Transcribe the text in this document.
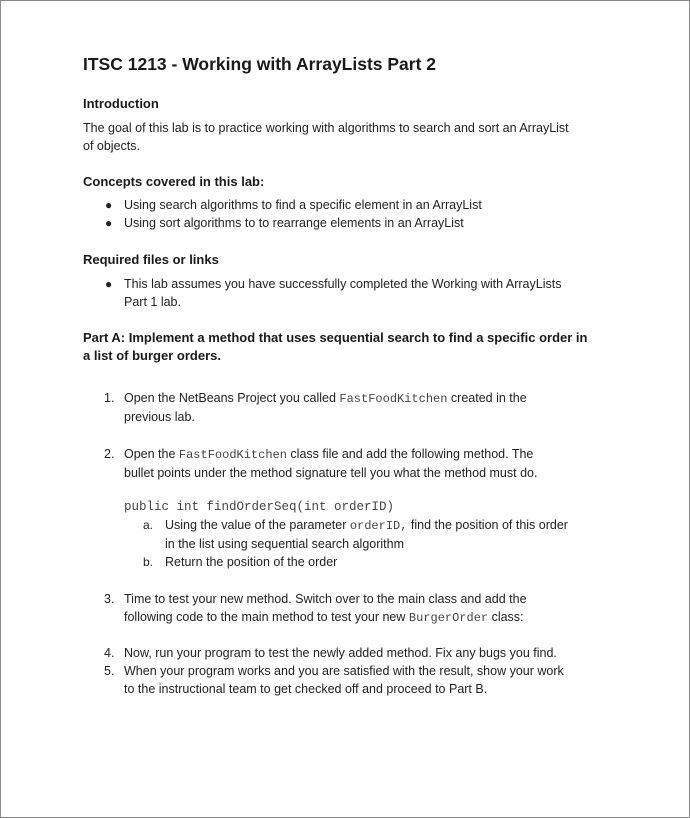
ITSC 1213 - Working with ArrayLists Part 2
Introduction

The goal of this lab is to practice working with algorithms to search and sort an ArrayList
of objects.

Concepts covered in this lab:
● Using search algorithms to find a specific element in an ArrayList
● Using sort algorithms to to rearrange elements in an ArrayList
Required files or links
● This lab assumes you have successfully completed the Working with ArrayLists
Part 1 lab.
Part A: Implement a method that uses sequential search to find a specific order in
a list of burger orders.
1. Open the NetBeans Project you called FastFoodKitchen created in the
previous lab.
2. Open the FastFoodKitchen class file and add the following method. The
bullet points under the method signature tell you what the method must do.

public int findOrderSeq(int orderID)

a. Using the value of the parameter orderID, find the position of this order
in the list using sequential search algorithm

b. Return the position of the order

3. Time to test your new method. Switch over to the main class and add the
following code to the main method to test your new BurgerOrder class:
4. Now, run your program to test the newly added method. Fix any bugs you find.
5. When your program works and you are satisfied with the result, show your work
to the instructional team to get checked off and proceed to Part B.
